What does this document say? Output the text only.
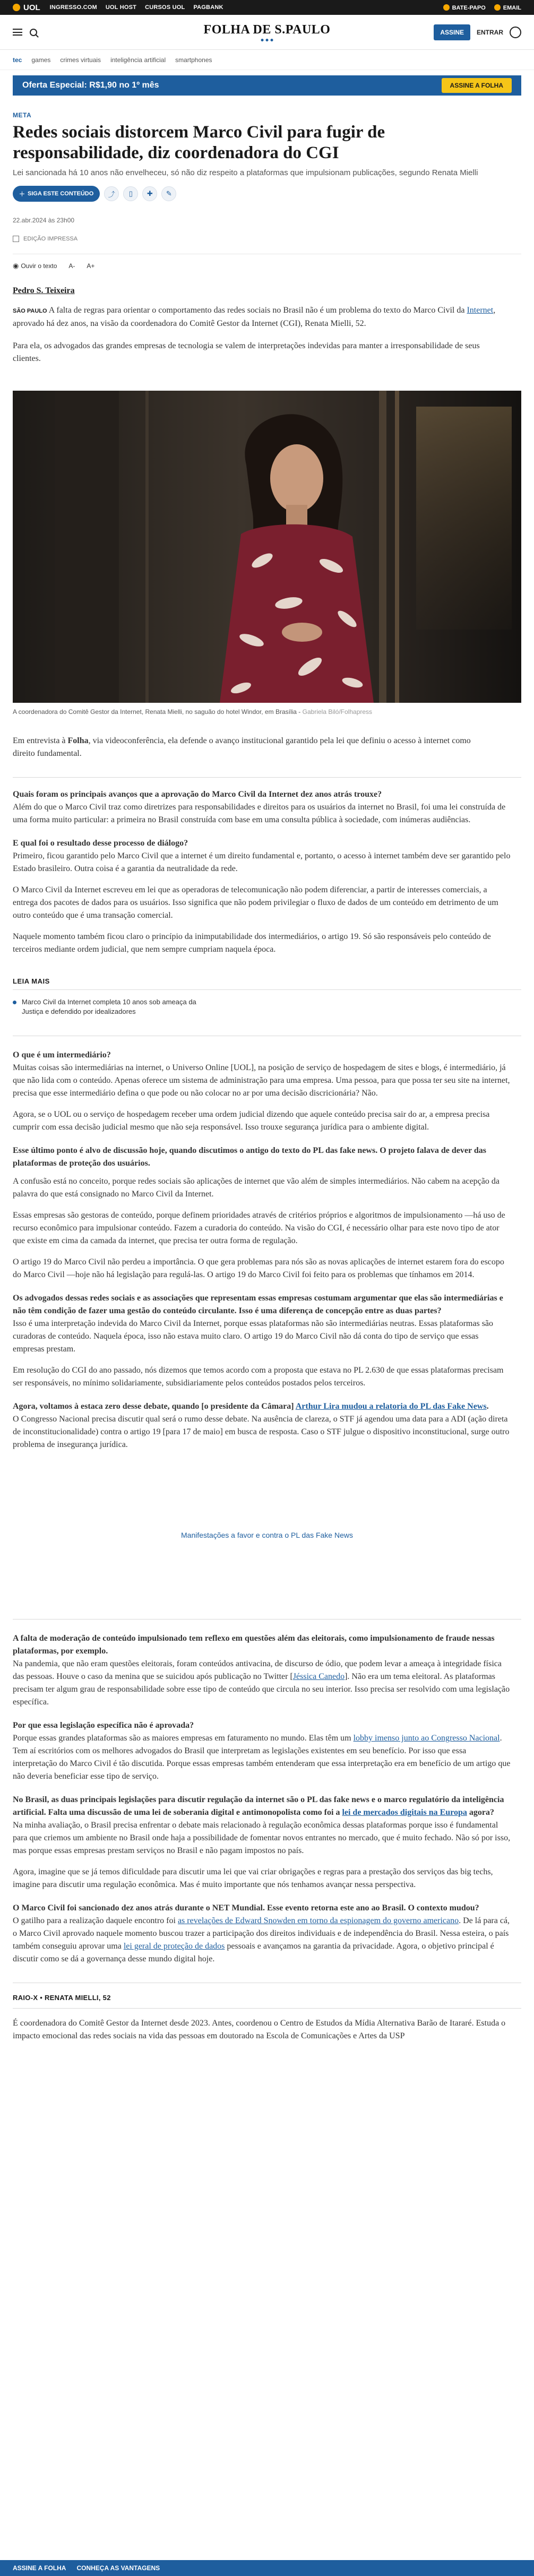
UOL INGRESSO.COM UOL HOST CURSOS UOL PAGBANK	BATE-PAPO	EMAIL
FOLHA DE S.PAULO	ASSINE	ENTRAR
tec games crimes virtuais inteligência artificial smartphones
Oferta Especial: R$1,90 no 1º mês	ASSINE A FOLHA
META
Redes sociais distorcem Marco Civil para fugir de responsabilidade, diz coordenadora do CGI
Lei sancionada há 10 anos não envelheceu, só não diz respeito a plataformas que impulsionam publicações, segundo Renata Mielli
＋ SIGA ESTE CONTEÚDO	⤴	▯	✚	✎
22.abr.2024 às 23h00
EDIÇÃO IMPRESSA
◉ Ouvir o texto A- A+
Pedro S. Teixeira

SÃO PAULO A falta de regras para orientar o comportamento das redes sociais no Brasil não é um problema do texto do Marco Civil da Internet, aprovado há dez anos, na visão da coordenadora do Comitê Gestor da Internet (CGI), Renata Mielli, 52.

Para ela, os advogados das grandes empresas de tecnologia se valem de interpretações indevidas para manter a irresponsabilidade de seus clientes.

A coordenadora do Comitê Gestor da Internet, Renata Mielli, no saguão do hotel Windor, em Brasília - Gabriela Biló/Folhapress

Em entrevista à Folha, via videoconferência, ela defende o avanço institucional garantido pela lei que definiu o acesso à internet como direito fundamental.

Quais foram os principais avanços que a aprovação do Marco Civil da Internet dez anos atrás trouxe?

Além do que o Marco Civil traz como diretrizes para responsabilidades e direitos para os usuários da internet no Brasil, foi uma lei construída de uma forma muito particular: a primeira no Brasil construída com base em uma consulta pública à sociedade, com inúmeras audiências.

E qual foi o resultado desse processo de diálogo?

Primeiro, ficou garantido pelo Marco Civil que a internet é um direito fundamental e, portanto, o acesso à internet também deve ser garantido pelo Estado brasileiro. Outra coisa é a garantia da neutralidade da rede.

O Marco Civil da Internet escreveu em lei que as operadoras de telecomunicação não podem diferenciar, a partir de interesses comerciais, a entrega dos pacotes de dados para os usuários. Isso significa que não podem privilegiar o fluxo de dados de um conteúdo em detrimento de um outro conteúdo que é uma transação comercial.

Naquele momento também ficou claro o princípio da inimputabilidade dos intermediários, o artigo 19. Só são responsáveis pelo conteúdo de terceiros mediante ordem judicial, que nem sempre cumpriam naquela época.

LEIA MAIS
Marco Civil da Internet completa 10 anos sob ameaça da Justiça e defendido por idealizadores

O que é um intermediário?

Muitas coisas são intermediárias na internet, o Universo Online [UOL], na posição de serviço de hospedagem de sites e blogs, é intermediário, já que não lida com o conteúdo. Apenas oferece um sistema de administração para uma empresa. Uma pessoa, para que possa ter seu site na internet, precisa que esse intermediário defina o que pode ou não colocar no ar por uma decisão discricionária? Não.

Agora, se o UOL ou o serviço de hospedagem receber uma ordem judicial dizendo que aquele conteúdo precisa sair do ar, a empresa precisa cumprir com essa decisão judicial mesmo que não seja responsável. Isso trouxe segurança jurídica para o ambiente digital.

Esse último ponto é alvo de discussão hoje, quando discutimos o antigo do texto do PL das fake news. O projeto falava de dever das plataformas de proteção dos usuários.

A confusão está no conceito, porque redes sociais são aplicações de internet que vão além de simples intermediários. Não cabem na acepção da palavra do que está consignado no Marco Civil da Internet.

Essas empresas são gestoras de conteúdo, porque definem prioridades através de critérios próprios e algoritmos de impulsionamento —há uso de recurso econômico para impulsionar conteúdo. Fazem a curadoria do conteúdo. Na visão do CGI, é necessário olhar para este novo tipo de ator que existe em cima da camada da internet, que precisa ter outra forma de regulação.

O artigo 19 do Marco Civil não perdeu a importância. O que gera problemas para nós são as novas aplicações de internet estarem fora do escopo do Marco Civil —hoje não há legislação para regulá-las. O artigo 19 do Marco Civil foi feito para os problemas que tínhamos em 2014.

Os advogados dessas redes sociais e as associações que representam essas empresas costumam argumentar que elas são intermediárias e não têm condição de fazer uma gestão do conteúdo circulante. Isso é uma diferença de concepção entre as duas partes?

Isso é uma interpretação indevida do Marco Civil da Internet, porque essas plataformas não são intermediárias neutras. Essas plataformas são curadoras de conteúdo. Naquela época, isso não estava muito claro. O artigo 19 do Marco Civil não dá conta do tipo de serviço que essas empresas prestam.

Em resolução do CGI do ano passado, nós dizemos que temos acordo com a proposta que estava no PL 2.630 de que essas plataformas precisam ser responsáveis, no mínimo solidariamente, subsidiariamente pelos conteúdos postados pelos terceiros.

Agora, voltamos à estaca zero desse debate, quando [o presidente da Câmara] Arthur Lira mudou a relatoria do PL das Fake News.

O Congresso Nacional precisa discutir qual será o rumo desse debate. Na ausência de clareza, o STF já agendou uma data para a ADI (ação direta de inconstitucionalidade) contra o artigo 19 [para 17 de maio] em busca de resposta. Caso o STF julgue o dispositivo inconstitucional, surge outro problema de insegurança jurídica.

Manifestações a favor e contra o PL das Fake News

A falta de moderação de conteúdo impulsionado tem reflexo em questões além das eleitorais, como impulsionamento de fraude nessas plataformas, por exemplo.

Na pandemia, que não eram questões eleitorais, foram conteúdos antivacina, de discurso de ódio, que podem levar a ameaça à integridade física das pessoas. Houve o caso da menina que se suicidou após publicação no Twitter [Jéssica Canedo]. Não era um tema eleitoral. As plataformas precisam ter algum grau de responsabilidade sobre esse tipo de conteúdo que circula no seu interior. Isso precisa ser resolvido com uma legislação específica.

Por que essa legislação específica não é aprovada?

Porque essas grandes plataformas são as maiores empresas em faturamento no mundo. Elas têm um lobby imenso junto ao Congresso Nacional. Tem aí escritórios com os melhores advogados do Brasil que interpretam as legislações existentes em seu benefício. Por isso que essa interpretação do Marco Civil é tão discutida. Porque essas empresas também entenderam que essa interpretação era em benefício de um artigo que não deveria beneficiar esse tipo de serviço.

No Brasil, as duas principais legislações para discutir regulação da internet são o PL das fake news e o marco regulatório da inteligência artificial. Falta uma discussão de uma lei de soberania digital e antimonopolista como foi a lei de mercados digitais na Europa agora?

Na minha avaliação, o Brasil precisa enfrentar o debate mais relacionado à regulação econômica dessas plataformas porque isso é fundamental para que criemos um ambiente no Brasil onde haja a possibilidade de fomentar novos entrantes no mercado, que é muito fechado. Não só por isso, mas porque essas empresas prestam serviços no Brasil e não pagam impostos no país.

Agora, imagine que se já temos dificuldade para discutir uma lei que vai criar obrigações e regras para a prestação dos serviços das big techs, imagine para discutir uma regulação econômica. Mas é muito importante que nós tenhamos avançar nessa perspectiva.

O Marco Civil foi sancionado dez anos atrás durante o NET Mundial. Esse evento retorna este ano ao Brasil. O contexto mudou?

O gatilho para a realização daquele encontro foi as revelações de Edward Snowden em torno da espionagem do governo americano. De lá para cá, o Marco Civil aprovado naquele momento buscou trazer a participação dos direitos individuais e de independência do Brasil. Nessa esteira, o país também conseguiu aprovar uma lei geral de proteção de dados pessoais e avançamos na garantia da privacidade. Agora, o objetivo principal é discutir como se dá a governança desse mundo digital hoje.

RAIO-X • RENATA MIELLI, 52

É coordenadora do Comitê Gestor da Internet desde 2023. Antes, coordenou o Centro de Estudos da Mídia Alternativa Barão de Itararé. Estuda o impacto emocional das redes sociais na vida das pessoas em doutorado na Escola de Comunicações e Artes da USP

ASSINE A FOLHA CONHEÇA AS VANTAGENS
